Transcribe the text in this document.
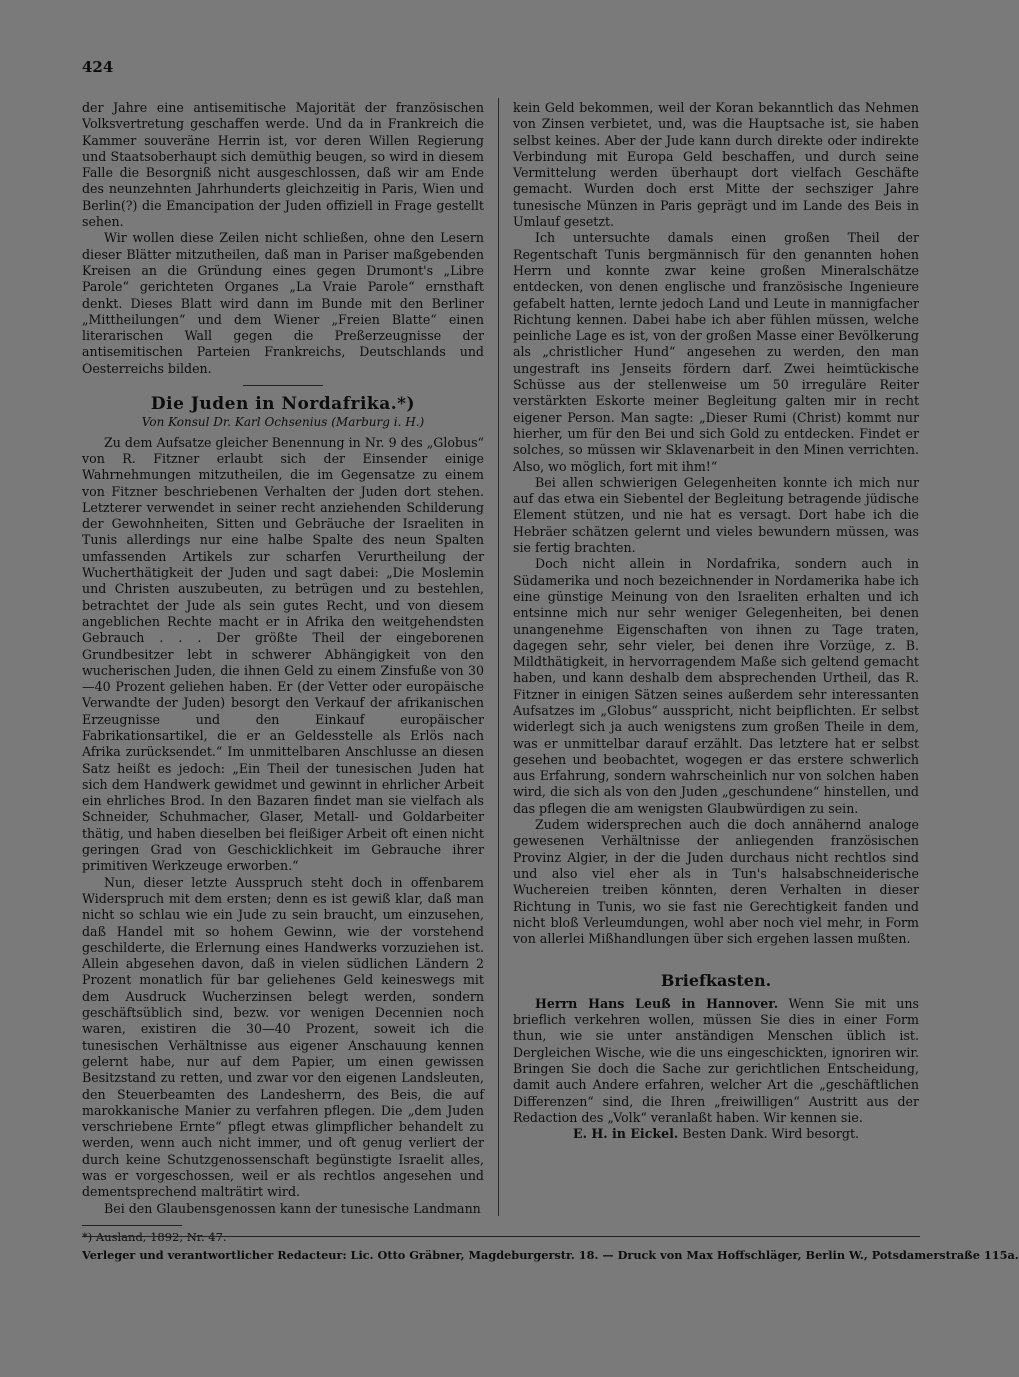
424

der Jahre eine antisemitische Majorität der französischen Volksvertretung geschaffen werde. Und da in Frankreich die Kammer souveräne Herrin ist, vor deren Willen Regierung und Staatsoberhaupt sich demüthig beugen, so wird in diesem Falle die Besorgniß nicht ausgeschlossen, daß wir am Ende des neunzehnten Jahrhunderts gleichzeitig in Paris, Wien und Berlin(?) die Emancipation der Juden offiziell in Frage gestellt sehen.

Wir wollen diese Zeilen nicht schließen, ohne den Lesern dieser Blätter mitzutheilen, daß man in Pariser maßgebenden Kreisen an die Gründung eines gegen Drumont's „Libre Parole“ gerichteten Organes „La Vraie Parole“ ernsthaft denkt. Dieses Blatt wird dann im Bunde mit den Berliner „Mittheilungen“ und dem Wiener „Freien Blatte“ einen literarischen Wall gegen die Preßerzeugnisse der antisemitischen Parteien Frankreichs, Deutschlands und Oesterreichs bilden.

Die Juden in Nordafrika.*)
Von Konsul Dr. Karl Ochsenius (Marburg i. H.)

Zu dem Aufsatze gleicher Benennung in Nr. 9 des „Globus“ von R. Fitzner erlaubt sich der Einsender einige Wahrnehmungen mitzutheilen, die im Gegensatze zu einem von Fitzner beschriebenen Verhalten der Juden dort stehen. Letzterer verwendet in seiner recht anziehenden Schilderung der Gewohnheiten, Sitten und Gebräuche der Israeliten in Tunis allerdings nur eine halbe Spalte des neun Spalten umfassenden Artikels zur scharfen Verurtheilung der Wucherthätigkeit der Juden und sagt dabei: „Die Moslemin und Christen auszubeuten, zu betrügen und zu bestehlen, betrachtet der Jude als sein gutes Recht, und von diesem angeblichen Rechte macht er in Afrika den weitgehendsten Gebrauch . . . Der größte Theil der eingeborenen Grundbesitzer lebt in schwerer Abhängigkeit von den wucherischen Juden, die ihnen Geld zu einem Zinsfuße von 30—40 Prozent geliehen haben. Er (der Vetter oder europäische Verwandte der Juden) besorgt den Verkauf der afrikanischen Erzeugnisse und den Einkauf europäischer Fabrikationsartikel, die er an Geldesstelle als Erlös nach Afrika zurücksendet.“ Im unmittelbaren Anschlusse an diesen Satz heißt es jedoch: „Ein Theil der tunesischen Juden hat sich dem Handwerk gewidmet und gewinnt in ehrlicher Arbeit ein ehrliches Brod. In den Bazaren findet man sie vielfach als Schneider, Schuhmacher, Glaser, Metall- und Goldarbeiter thätig, und haben dieselben bei fleißiger Arbeit oft einen nicht geringen Grad von Geschicklichkeit im Gebrauche ihrer primitiven Werkzeuge erworben.“

Nun, dieser letzte Ausspruch steht doch in offenbarem Widerspruch mit dem ersten; denn es ist gewiß klar, daß man nicht so schlau wie ein Jude zu sein braucht, um einzusehen, daß Handel mit so hohem Gewinn, wie der vorstehend geschilderte, die Erlernung eines Handwerks vorzuziehen ist. Allein abgesehen davon, daß in vielen südlichen Ländern 2 Prozent monatlich für bar geliehenes Geld keineswegs mit dem Ausdruck Wucherzinsen belegt werden, sondern geschäftsüblich sind, bezw. vor wenigen Decennien noch waren, existiren die 30—40 Prozent, soweit ich die tunesischen Verhältnisse aus eigener Anschauung kennen gelernt habe, nur auf dem Papier, um einen gewissen Besitzstand zu retten, und zwar vor den eigenen Landsleuten, den Steuerbeamten des Landesherrn, des Beis, die auf marokkanische Manier zu verfahren pflegen. Die „dem Juden verschriebene Ernte“ pflegt etwas glimpflicher behandelt zu werden, wenn auch nicht immer, und oft genug verliert der durch keine Schutzgenossenschaft begünstigte Israelit alles, was er vorgeschossen, weil er als rechtlos angesehen und dementsprechend malträtirt wird.

Bei den Glaubensgenossen kann der tunesische Landmann

kein Geld bekommen, weil der Koran bekanntlich das Nehmen von Zinsen verbietet, und, was die Hauptsache ist, sie haben selbst keines. Aber der Jude kann durch direkte oder indirekte Verbindung mit Europa Geld beschaffen, und durch seine Vermittelung werden überhaupt dort vielfach Geschäfte gemacht. Wurden doch erst Mitte der sechsziger Jahre tunesische Münzen in Paris geprägt und im Lande des Beis in Umlauf gesetzt.

Ich untersuchte damals einen großen Theil der Regentschaft Tunis bergmännisch für den genannten hohen Herrn und konnte zwar keine großen Mineralschätze entdecken, von denen englische und französische Ingenieure gefabelt hatten, lernte jedoch Land und Leute in mannigfacher Richtung kennen. Dabei habe ich aber fühlen müssen, welche peinliche Lage es ist, von der großen Masse einer Bevölkerung als „christlicher Hund“ angesehen zu werden, den man ungestraft ins Jenseits fördern darf. Zwei heimtückische Schüsse aus der stellenweise um 50 irreguläre Reiter verstärkten Eskorte meiner Begleitung galten mir in recht eigener Person. Man sagte: „Dieser Rumi (Christ) kommt nur hierher, um für den Bei und sich Gold zu entdecken. Findet er solches, so müssen wir Sklavenarbeit in den Minen verrichten. Also, wo möglich, fort mit ihm!“

Bei allen schwierigen Gelegenheiten konnte ich mich nur auf das etwa ein Siebentel der Begleitung betragende jüdische Element stützen, und nie hat es versagt. Dort habe ich die Hebräer schätzen gelernt und vieles bewundern müssen, was sie fertig brachten.

Doch nicht allein in Nordafrika, sondern auch in Südamerika und noch bezeichnender in Nordamerika habe ich eine günstige Meinung von den Israeliten erhalten und ich entsinne mich nur sehr weniger Gelegenheiten, bei denen unangenehme Eigenschaften von ihnen zu Tage traten, dagegen sehr, sehr vieler, bei denen ihre Vorzüge, z. B. Mildthätigkeit, in hervorragendem Maße sich geltend gemacht haben, und kann deshalb dem absprechenden Urtheil, das R. Fitzner in einigen Sätzen seines außerdem sehr interessanten Aufsatzes im „Globus“ ausspricht, nicht beipflichten. Er selbst widerlegt sich ja auch wenigstens zum großen Theile in dem, was er unmittelbar darauf erzählt. Das letztere hat er selbst gesehen und beobachtet, wogegen er das erstere schwerlich aus Erfahrung, sondern wahrscheinlich nur von solchen haben wird, die sich als von den Juden „geschundene“ hinstellen, und das pflegen die am wenigsten Glaubwürdigen zu sein.

Zudem widersprechen auch die doch annähernd analoge gewesenen Verhältnisse der anliegenden französischen Provinz Algier, in der die Juden durchaus nicht rechtlos sind und also viel eher als in Tun's halsabschneiderische Wuchereien treiben könnten, deren Verhalten in dieser Richtung in Tunis, wo sie fast nie Gerechtigkeit fanden und nicht bloß Verleumdungen, wohl aber noch viel mehr, in Form von allerlei Mißhandlungen über sich ergehen lassen mußten.

Briefkasten.

Herrn Hans Leuß in Hannover. Wenn Sie mit uns brieflich verkehren wollen, müssen Sie dies in einer Form thun, wie sie unter anständigen Menschen üblich ist. Dergleichen Wische, wie die uns eingeschickten, ignoriren wir. Bringen Sie doch die Sache zur gerichtlichen Entscheidung, damit auch Andere erfahren, welcher Art die „geschäftlichen Differenzen“ sind, die Ihren „freiwilligen“ Austritt aus der Redaction des „Volk“ veranlaßt haben. Wir kennen sie.

E. H. in Eickel. Besten Dank. Wird besorgt.

Verleger und verantwortlicher Redacteur: Lic. Otto Gräbner, Magdeburgerstr. 18. — Druck von Max Hoffschläger, Berlin W., Potsdamerstraße 115a.
